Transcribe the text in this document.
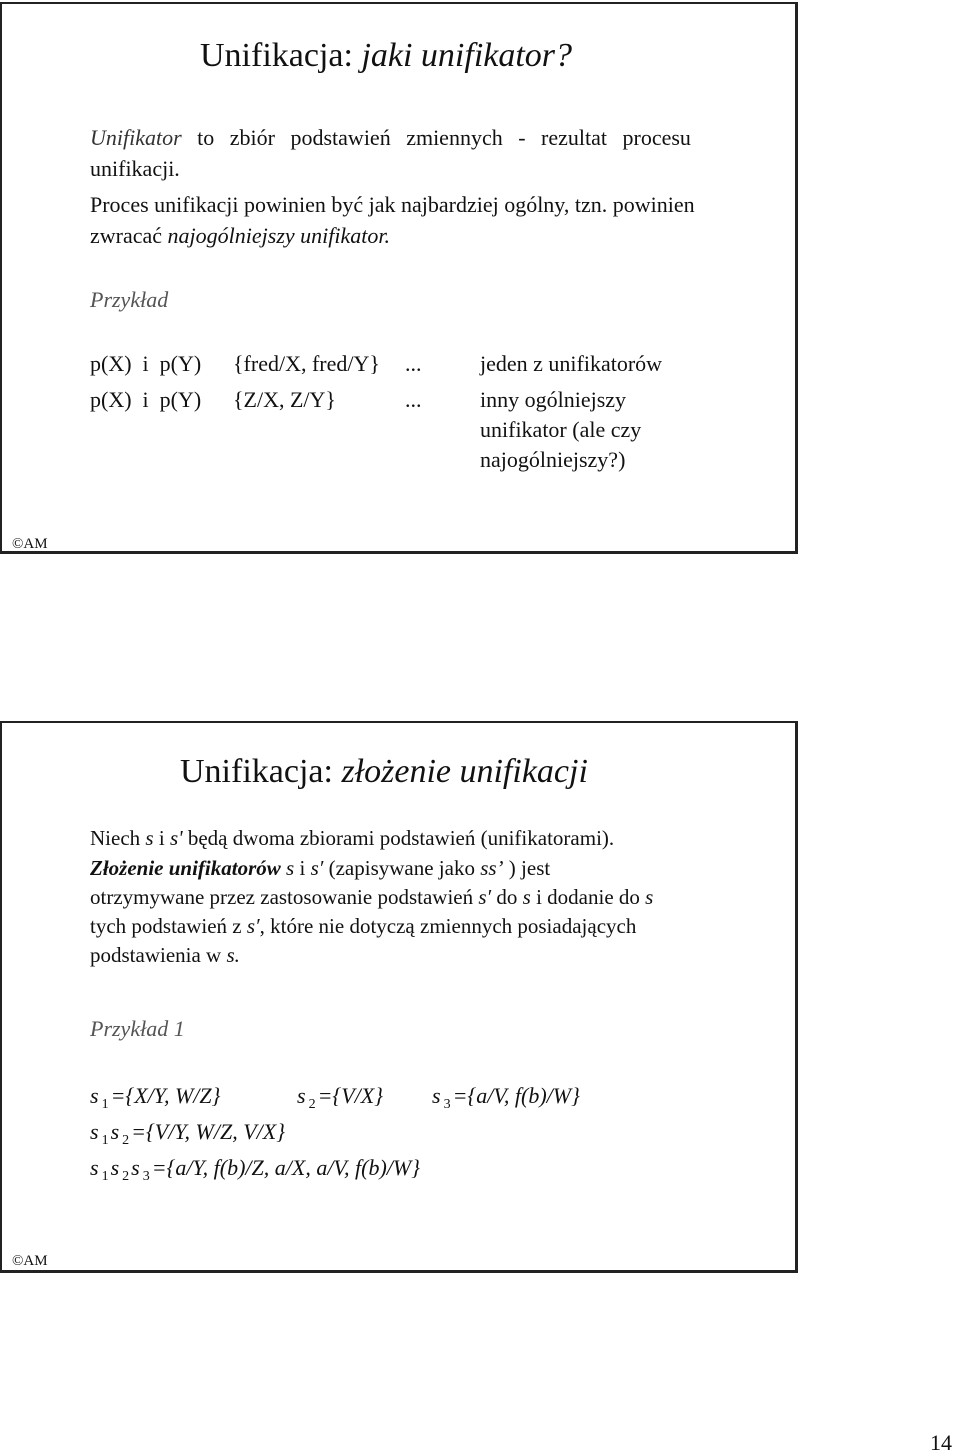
Unifikacja: jaki unifikator?
Unifikator to zbiór podstawień zmiennych - rezultat procesu
unifikacji.
Proces unifikacji powinien być jak najbardziej ogólny, tzn. powinien
zwracać najogólniejszy unifikator.
Przykład
p(X)  i  p(Y) {fred/X, fred/Y} ...	jeden z unifikatorów
p(X)  i  p(Y) {Z/X, Z/Y}	...	inny ogólniejszy
unifikator (ale czy
najogólniejszy?)
©AM
Unifikacja: złożenie unifikacji
Niech s i s' będą dwoma zbiorami podstawień (unifikatorami).
Złożenie unifikatorów s i s′ (zapisywane jako ss’ ) jest
otrzymywane przez zastosowanie podstawień s′ do s i dodanie do s
tych podstawień z s′, które nie dotyczą zmiennych posiadających
podstawienia w s.
Przykład 1
s $_1$={X/Y, W/Z}	s $_2$={V/X} s $_3$={a/V, f(b)/W}
s $_1$s $_2$={V/Y, W/Z, V/X}
s $_1$s $_2$s $_3$={a/Y, f(b)/Z, a/X, a/V, f(b)/W}
©AM
14
